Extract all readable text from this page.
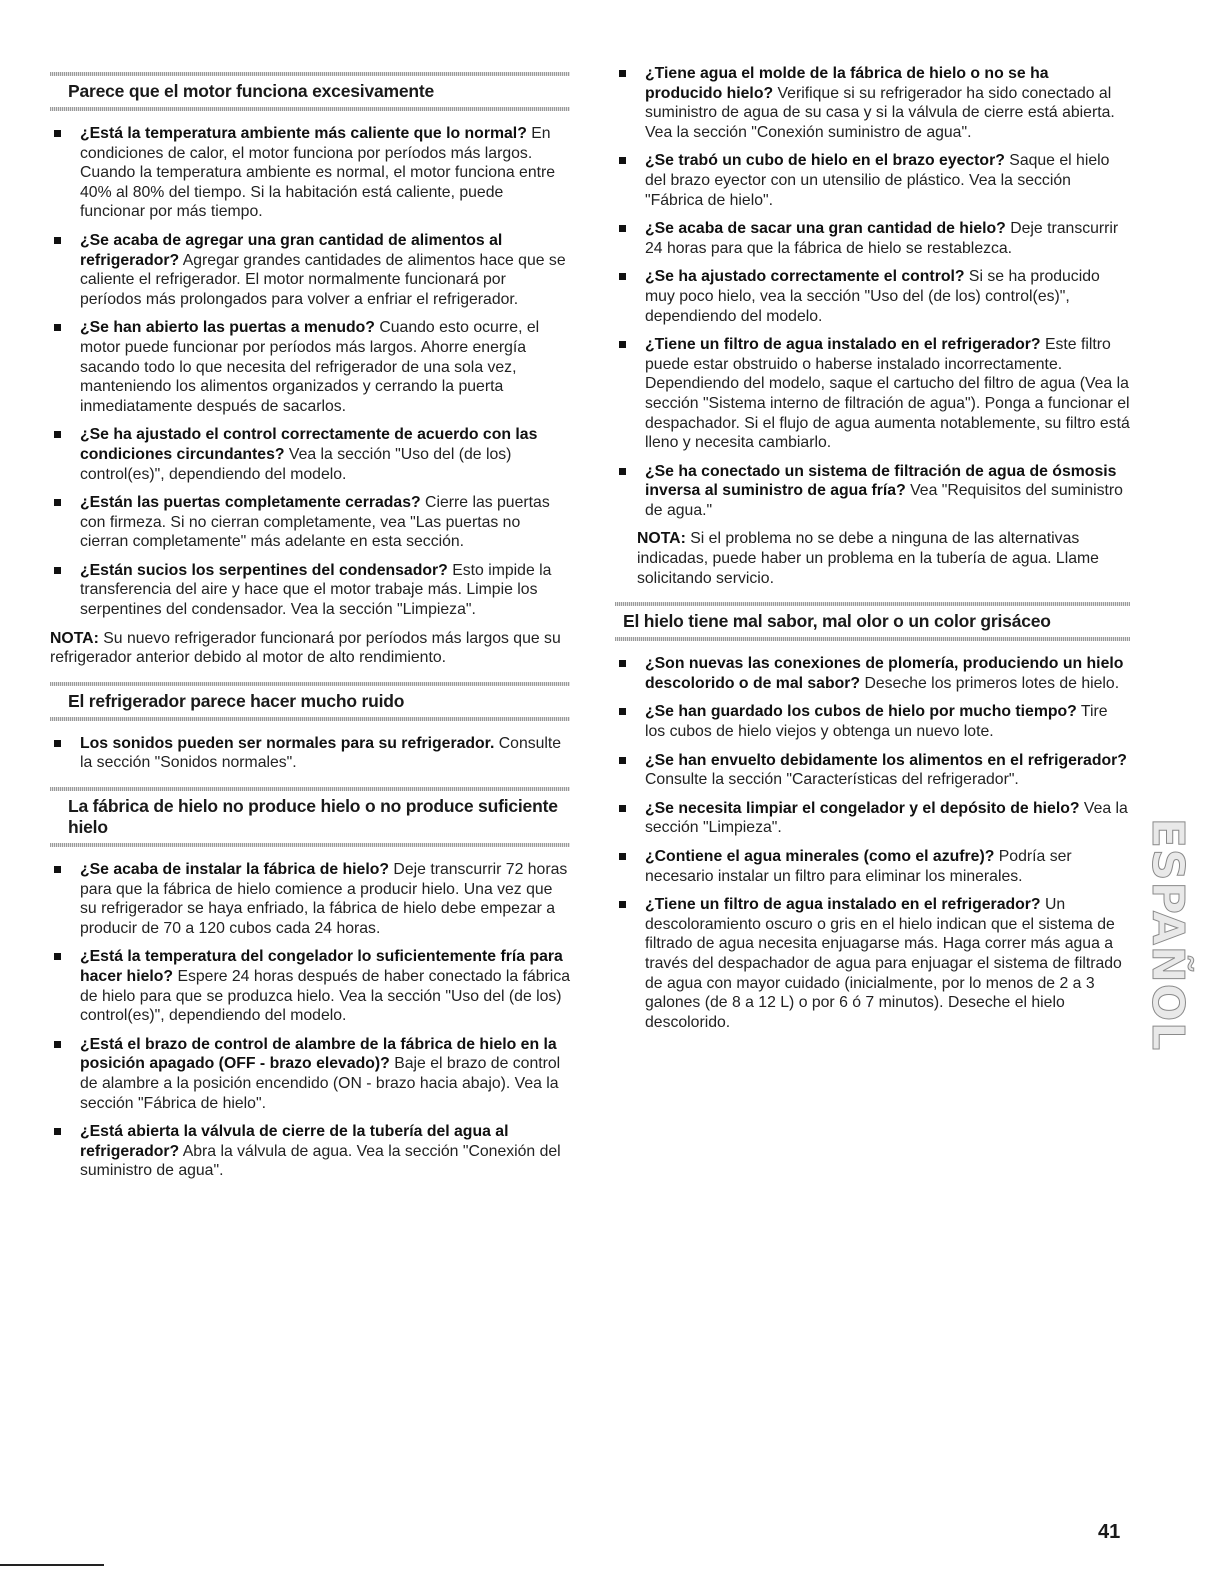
Parece que el motor funciona excesivamente
¿Está la temperatura ambiente más caliente que lo normal? En condiciones de calor, el motor funciona por períodos más largos. Cuando la temperatura ambiente es normal, el motor funciona entre 40% al 80% del tiempo. Si la habitación está caliente, puede funcionar por más tiempo.
¿Se acaba de agregar una gran cantidad de alimentos al refrigerador? Agregar grandes cantidades de alimentos hace que se caliente el refrigerador. El motor normalmente funcionará por períodos más prolongados para volver a enfriar el refrigerador.
¿Se han abierto las puertas a menudo? Cuando esto ocurre, el motor puede funcionar por períodos más largos. Ahorre energía sacando todo lo que necesita del refrigerador de una sola vez, manteniendo los alimentos organizados y cerrando la puerta inmediatamente después de sacarlos.
¿Se ha ajustado el control correctamente de acuerdo con las condiciones circundantes? Vea la sección "Uso del (de los) control(es)", dependiendo del modelo.
¿Están las puertas completamente cerradas? Cierre las puertas con firmeza. Si no cierran completamente, vea "Las puertas no cierran completamente" más adelante en esta sección.
¿Están sucios los serpentines del condensador? Esto impide la transferencia del aire y hace que el motor trabaje más. Limpie los serpentines del condensador. Vea la sección "Limpieza".
NOTA: Su nuevo refrigerador funcionará por períodos más largos que su refrigerador anterior debido al motor de alto rendimiento.
El refrigerador parece hacer mucho ruido
Los sonidos pueden ser normales para su refrigerador. Consulte la sección "Sonidos normales".
La fábrica de hielo no produce hielo o no produce suficiente hielo
¿Se acaba de instalar la fábrica de hielo? Deje transcurrir 72 horas para que la fábrica de hielo comience a producir hielo. Una vez que su refrigerador se haya enfriado, la fábrica de hielo debe empezar a producir de 70 a 120 cubos cada 24 horas.
¿Está la temperatura del congelador lo suficientemente fría para hacer hielo? Espere 24 horas después de haber conectado la fábrica de hielo para que se produzca hielo. Vea la sección "Uso del (de los) control(es)", dependiendo del modelo.
¿Está el brazo de control de alambre de la fábrica de hielo en la posición apagado (OFF - brazo elevado)? Baje el brazo de control de alambre a la posición encendido (ON - brazo hacia abajo). Vea la sección "Fábrica de hielo".
¿Está abierta la válvula de cierre de la tubería del agua al refrigerador? Abra la válvula de agua. Vea la sección "Conexión del suministro de agua".
¿Tiene agua el molde de la fábrica de hielo o no se ha producido hielo? Verifique si su refrigerador ha sido conectado al suministro de agua de su casa y si la válvula de cierre está abierta. Vea la sección "Conexión suministro de agua".
¿Se trabó un cubo de hielo en el brazo eyector? Saque el hielo del brazo eyector con un utensilio de plástico. Vea la sección "Fábrica de hielo".
¿Se acaba de sacar una gran cantidad de hielo? Deje transcurrir 24 horas para que la fábrica de hielo se restablezca.
¿Se ha ajustado correctamente el control? Si se ha producido muy poco hielo, vea la sección "Uso del (de los) control(es)", dependiendo del modelo.
¿Tiene un filtro de agua instalado en el refrigerador? Este filtro puede estar obstruido o haberse instalado incorrectamente. Dependiendo del modelo, saque el cartucho del filtro de agua (Vea la sección "Sistema interno de filtración de agua"). Ponga a funcionar el despachador. Si el flujo de agua aumenta notablemente, su filtro está lleno y necesita cambiarlo.
¿Se ha conectado un sistema de filtración de agua de ósmosis inversa al suministro de agua fría? Vea "Requisitos del suministro de agua."
NOTA: Si el problema no se debe a ninguna de las alternativas indicadas, puede haber un problema en la tubería de agua. Llame solicitando servicio.
El hielo tiene mal sabor, mal olor o un color grisáceo
¿Son nuevas las conexiones de plomería, produciendo un hielo descolorido o de mal sabor? Deseche los primeros lotes de hielo.
¿Se han guardado los cubos de hielo por mucho tiempo? Tire los cubos de hielo viejos y obtenga un nuevo lote.
¿Se han envuelto debidamente los alimentos en el refrigerador? Consulte la sección "Características del refrigerador".
¿Se necesita limpiar el congelador y el depósito de hielo? Vea la sección "Limpieza".
¿Contiene el agua minerales (como el azufre)? Podría ser necesario instalar un filtro para eliminar los minerales.
¿Tiene un filtro de agua instalado en el refrigerador? Un descoloramiento oscuro o gris en el hielo indican que el sistema de filtrado de agua necesita enjuagarse más. Haga correr más agua a través del despachador de agua para enjuagar el sistema de filtrado de agua con mayor cuidado (inicialmente, por lo menos de 2 a 3 galones (de 8 a 12 L) o por 6 ó 7 minutos). Deseche el hielo descolorido.	ESPAÑOL
41
